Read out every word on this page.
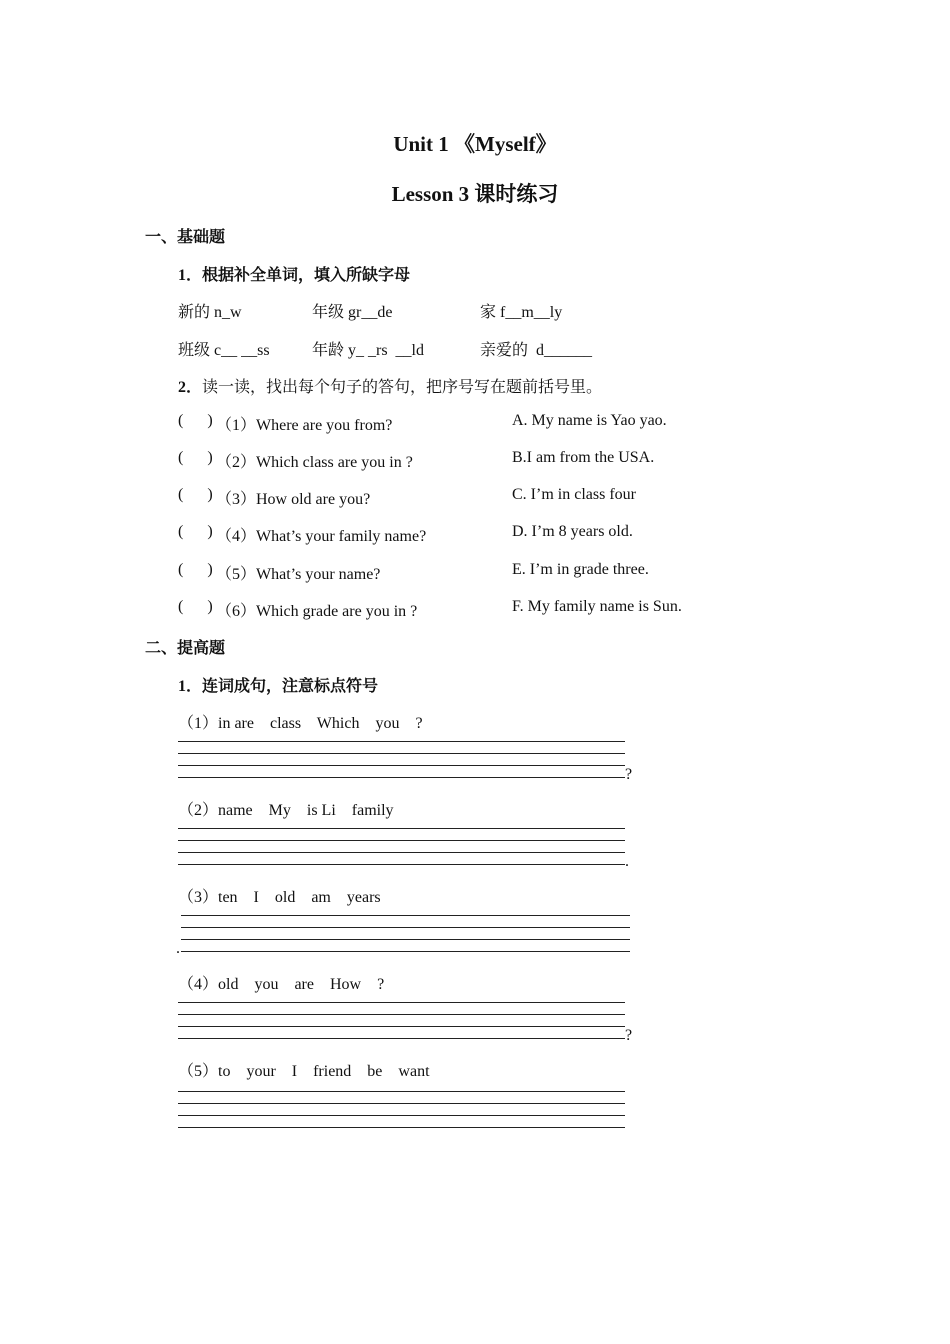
Unit 1 《Myself》
Lesson 3 课时练习
一、基础题
1．根据补全单词，填入所缺字母
新的 n_w	年级 gr__de	家 f__m__ly
班级 c__ __ss	年龄 y_ _rs  __ld	亲爱的  d______
2．读一读，找出每个句子的答句，把序号写在题前括号里。
(      ) （1）Where are you from?	A. My name is Yao yao.
(      ) （2）Which class are you in ?	B.I am from the USA.
(      ) （3）How old are you?	C. I’m in class four
(      ) （4）What’s your family name?	D. I’m 8 years old.
(      ) （5）What’s your name?	E. I’m in grade three.
(      ) （6）Which grade are you in ?	F. My family name is Sun.
二、提高题
1．连词成句，注意标点符号
（1）in are    class    Which    you    ?
?
（2）name    My    is Li    family
.
（3）ten    I    old    am    years
.
（4）old    you    are    How    ?
?
（5）to    your    I    friend    be    want
